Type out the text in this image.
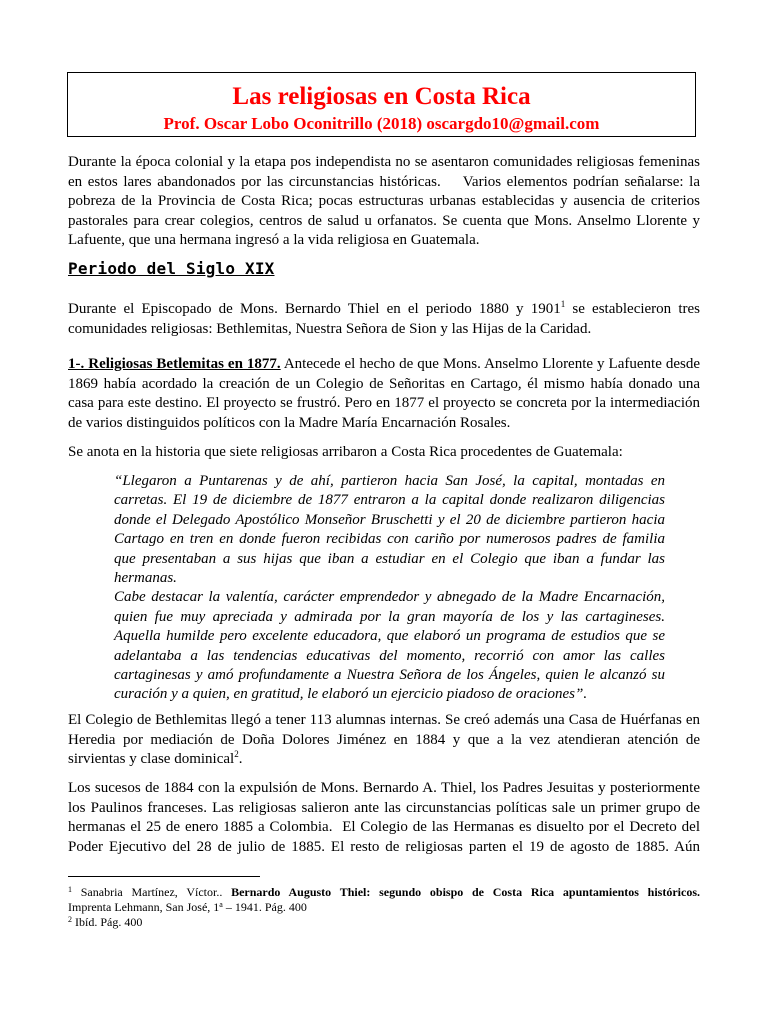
Las religiosas en Costa Rica
Prof. Oscar Lobo Oconitrillo (2018) oscargdo10@gmail.com
Durante la época colonial y la etapa pos independista no se asentaron comunidades religiosas femeninas
en estos lares abandonados por las circunstancias históricas.    Varios elementos podrían señalarse: la
pobreza de la Provincia de Costa Rica; pocas estructuras urbanas establecidas y ausencia de criterios
pastorales para crear colegios, centros de salud u orfanatos. Se cuenta que Mons. Anselmo Llorente y
Lafuente, que una hermana ingresó a la vida religiosa en Guatemala.
Periodo del Siglo XIX
Durante el Episcopado de Mons. Bernardo Thiel en el periodo 1880 y 1901$^1$ se establecieron tres
comunidades religiosas: Bethlemitas, Nuestra Señora de Sion y las Hijas de la Caridad.
1-. Religiosas Betlemitas en 1877. Antecede el hecho de que Mons. Anselmo Llorente y Lafuente desde
1869 había acordado la creación de un Colegio de Señoritas en Cartago, él mismo había donado una
casa para este destino. El proyecto se frustró. Pero en 1877 el proyecto se concreta por la intermediación
de varios distinguidos políticos con la Madre María Encarnación Rosales.
Se anota en la historia que siete religiosas arribaron a Costa Rica procedentes de Guatemala:
“Llegaron a Puntarenas y de ahí, partieron hacia San José, la capital, montadas en
carretas. El 19 de diciembre de 1877 entraron a la capital donde realizaron diligencias
donde el Delegado Apostólico Monseñor Bruschetti y el 20 de diciembre partieron hacia
Cartago en tren en donde fueron recibidas con cariño por numerosos padres de familia
que presentaban a sus hijas que iban a estudiar en el Colegio que iban a fundar las
hermanas.
Cabe destacar la valentía, carácter emprendedor y abnegado de la Madre Encarnación,
quien fue muy apreciada y admirada por la gran mayoría de los y las cartagineses.
Aquella humilde pero excelente educadora, que elaboró un programa de estudios que se
adelantaba a las tendencias educativas del momento, recorrió con amor las calles
cartaginesas y amó profundamente a Nuestra Señora de los Ángeles, quien le alcanzó su
curación y a quien, en gratitud, le elaboró un ejercicio piadoso de oraciones”.
El Colegio de Bethlemitas llegó a tener 113 alumnas internas. Se creó además una Casa de Huérfanas en
Heredia por mediación de Doña Dolores Jiménez en 1884 y que a la vez atendieran atención de
sirvientas y clase dominical$^2$.
Los sucesos de 1884 con la expulsión de Mons. Bernardo A. Thiel, los Padres Jesuitas y posteriormente
los Paulinos franceses. Las religiosas salieron ante las circunstancias políticas sale un primer grupo de
hermanas el 25 de enero 1885 a Colombia.  El Colegio de las Hermanas es disuelto por el Decreto del
Poder Ejecutivo del 28 de julio de 1885. El resto de religiosas parten el 19 de agosto de 1885. Aún
$^1$ Sanabria Martínez, Víctor.. Bernardo Augusto Thiel: segundo obispo de Costa Rica apuntamientos históricos.
Imprenta Lehmann, San José, 1$^a$ – 1941. Pág. 400
$^2$ Ibíd. Pág. 400
